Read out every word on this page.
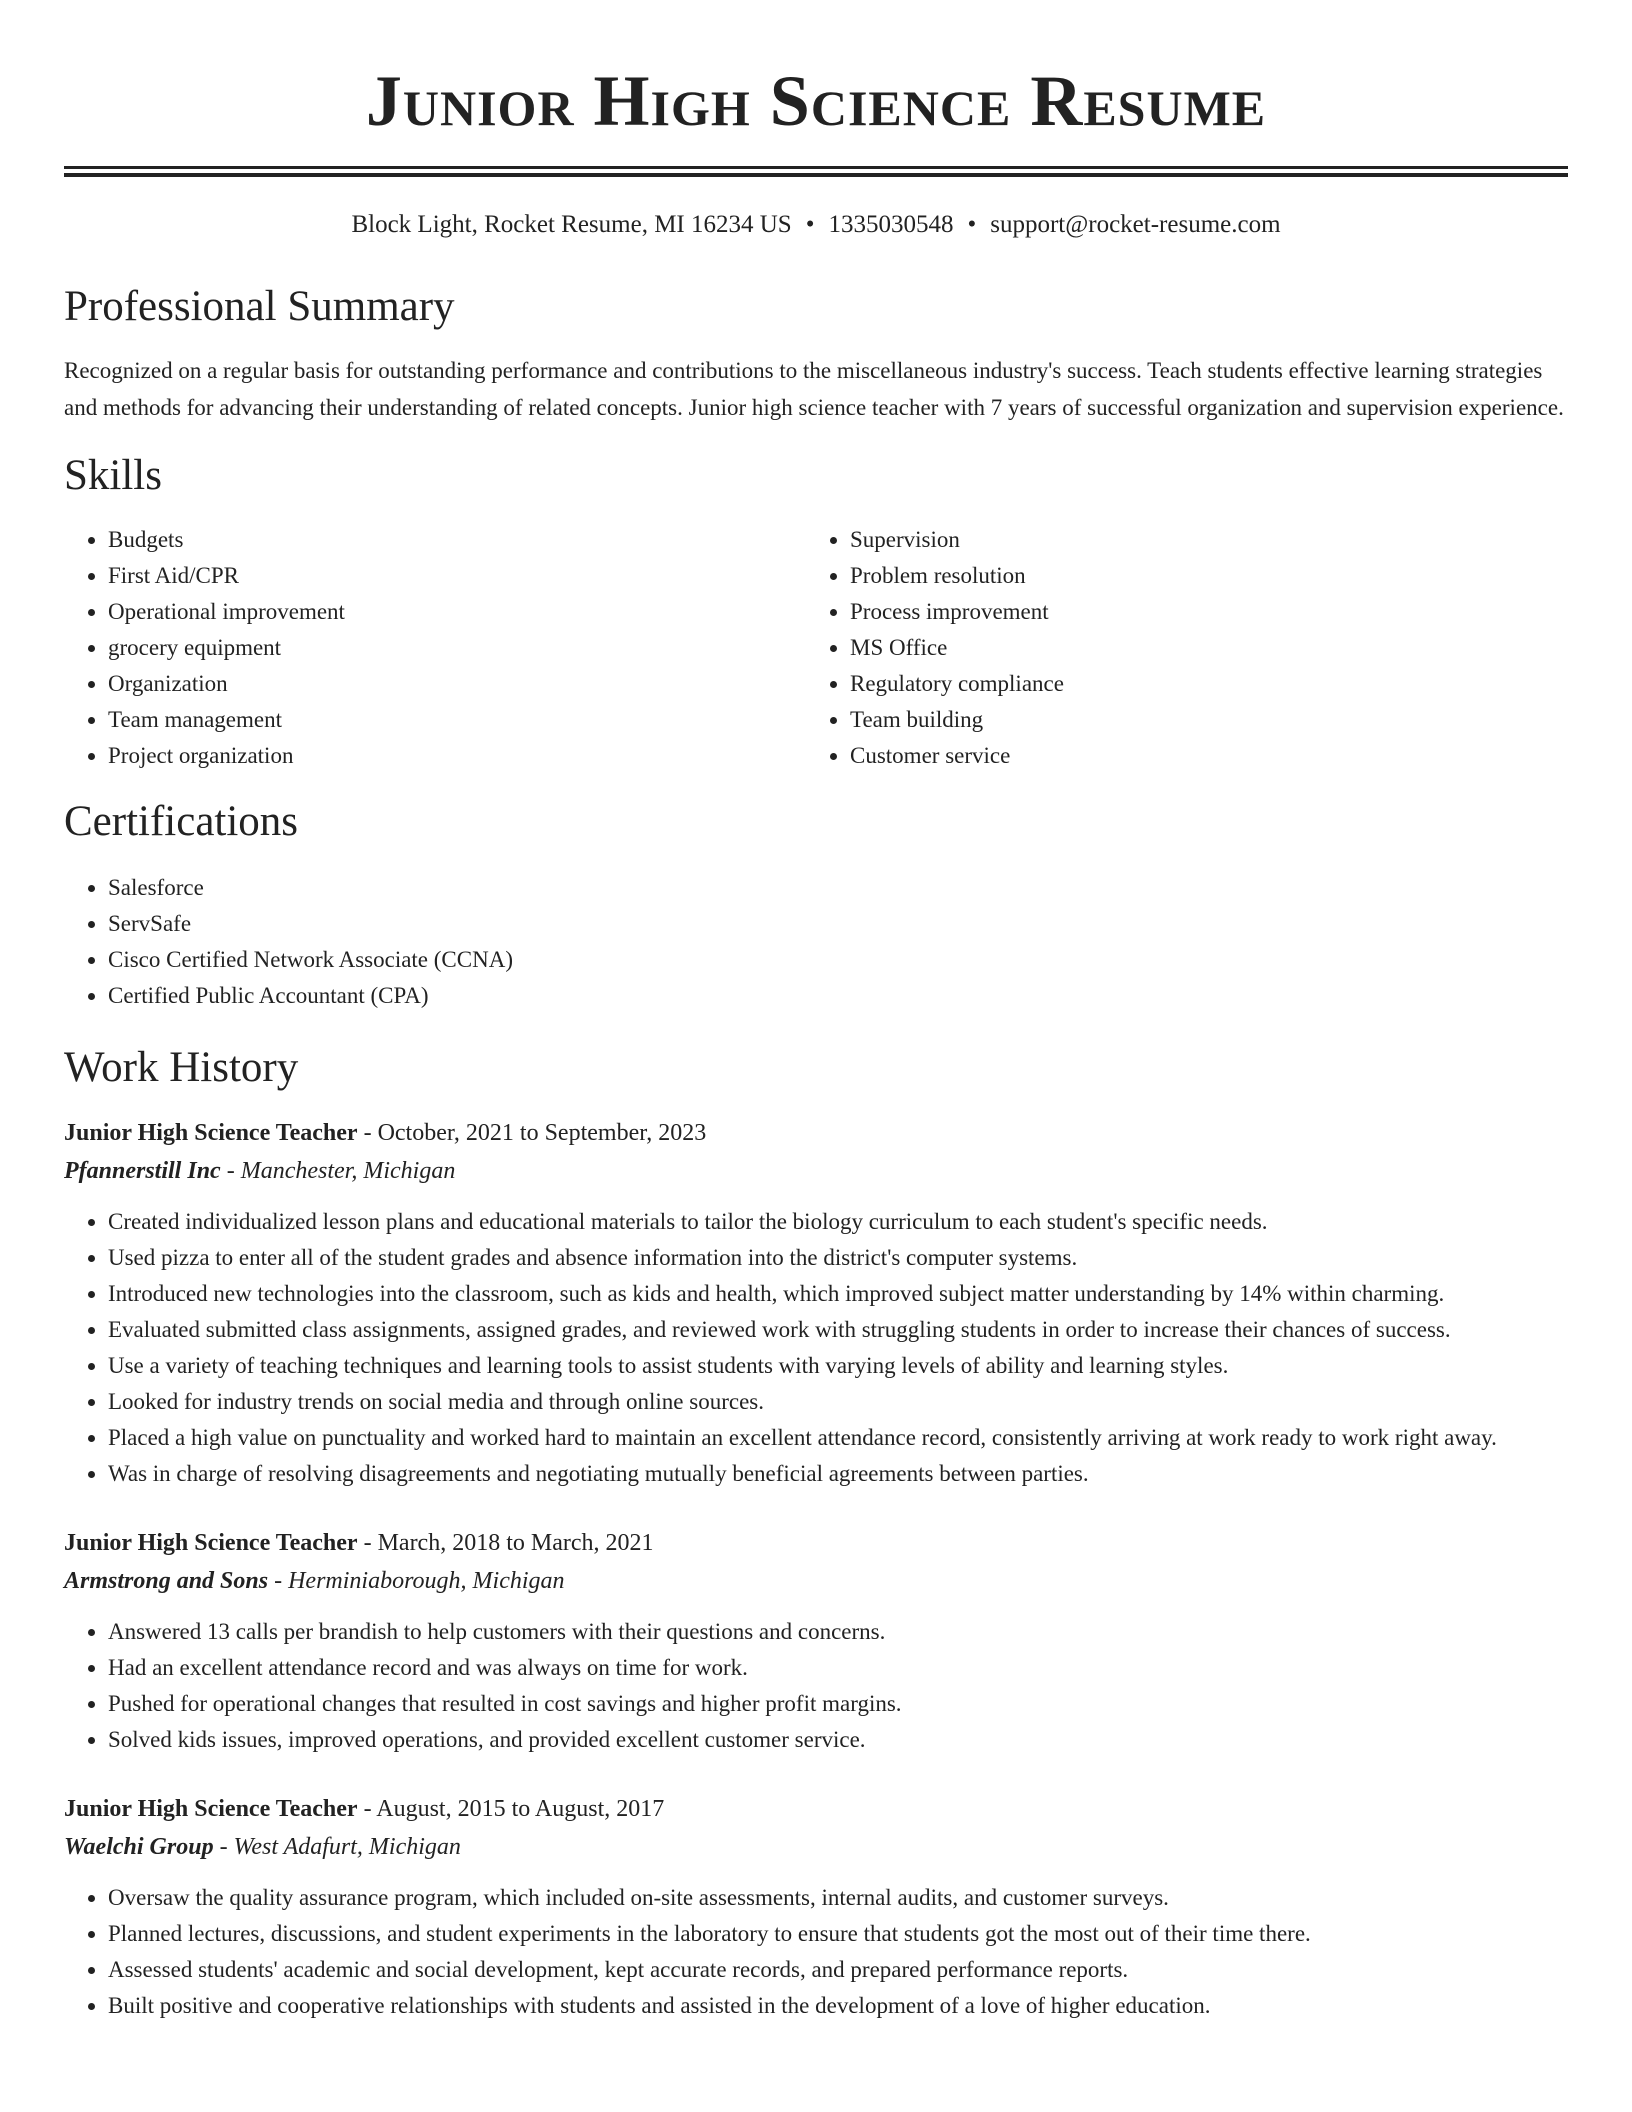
Junior High Science Resume
Block Light, Rocket Resume, MI 16234 US • 1335030548 • support@rocket-resume.com
Professional Summary

Recognized on a regular basis for outstanding performance and contributions to the miscellaneous industry's success. Teach students effective learning strategies and methods for advancing their understanding of related concepts. Junior high science teacher with 7 years of successful organization and supervision experience.

Skills
• Budgets
• First Aid/CPR
• Operational improvement
• grocery equipment
• Organization
• Team management
• Project organization
• Supervision
• Problem resolution
• Process improvement
• MS Office
• Regulatory compliance
• Team building
• Customer service
Certifications
• Salesforce
• ServSafe
• Cisco Certified Network Associate (CCNA)
• Certified Public Accountant (CPA)
Work History
Junior High Science Teacher - October, 2021 to September, 2023
Pfannerstill Inc - Manchester, Michigan
• Created individualized lesson plans and educational materials to tailor the biology curriculum to each student's specific needs.
• Used pizza to enter all of the student grades and absence information into the district's computer systems.
• Introduced new technologies into the classroom, such as kids and health, which improved subject matter understanding by 14% within charming.
• Evaluated submitted class assignments, assigned grades, and reviewed work with struggling students in order to increase their chances of success.
• Use a variety of teaching techniques and learning tools to assist students with varying levels of ability and learning styles.
• Looked for industry trends on social media and through online sources.
• Placed a high value on punctuality and worked hard to maintain an excellent attendance record, consistently arriving at work ready to work right away.
• Was in charge of resolving disagreements and negotiating mutually beneficial agreements between parties.
Junior High Science Teacher - March, 2018 to March, 2021
Armstrong and Sons - Herminiaborough, Michigan
• Answered 13 calls per brandish to help customers with their questions and concerns.
• Had an excellent attendance record and was always on time for work.
• Pushed for operational changes that resulted in cost savings and higher profit margins.
• Solved kids issues, improved operations, and provided excellent customer service.
Junior High Science Teacher - August, 2015 to August, 2017
Waelchi Group - West Adafurt, Michigan
• Oversaw the quality assurance program, which included on-site assessments, internal audits, and customer surveys.
• Planned lectures, discussions, and student experiments in the laboratory to ensure that students got the most out of their time there.
• Assessed students' academic and social development, kept accurate records, and prepared performance reports.
• Built positive and cooperative relationships with students and assisted in the development of a love of higher education.
